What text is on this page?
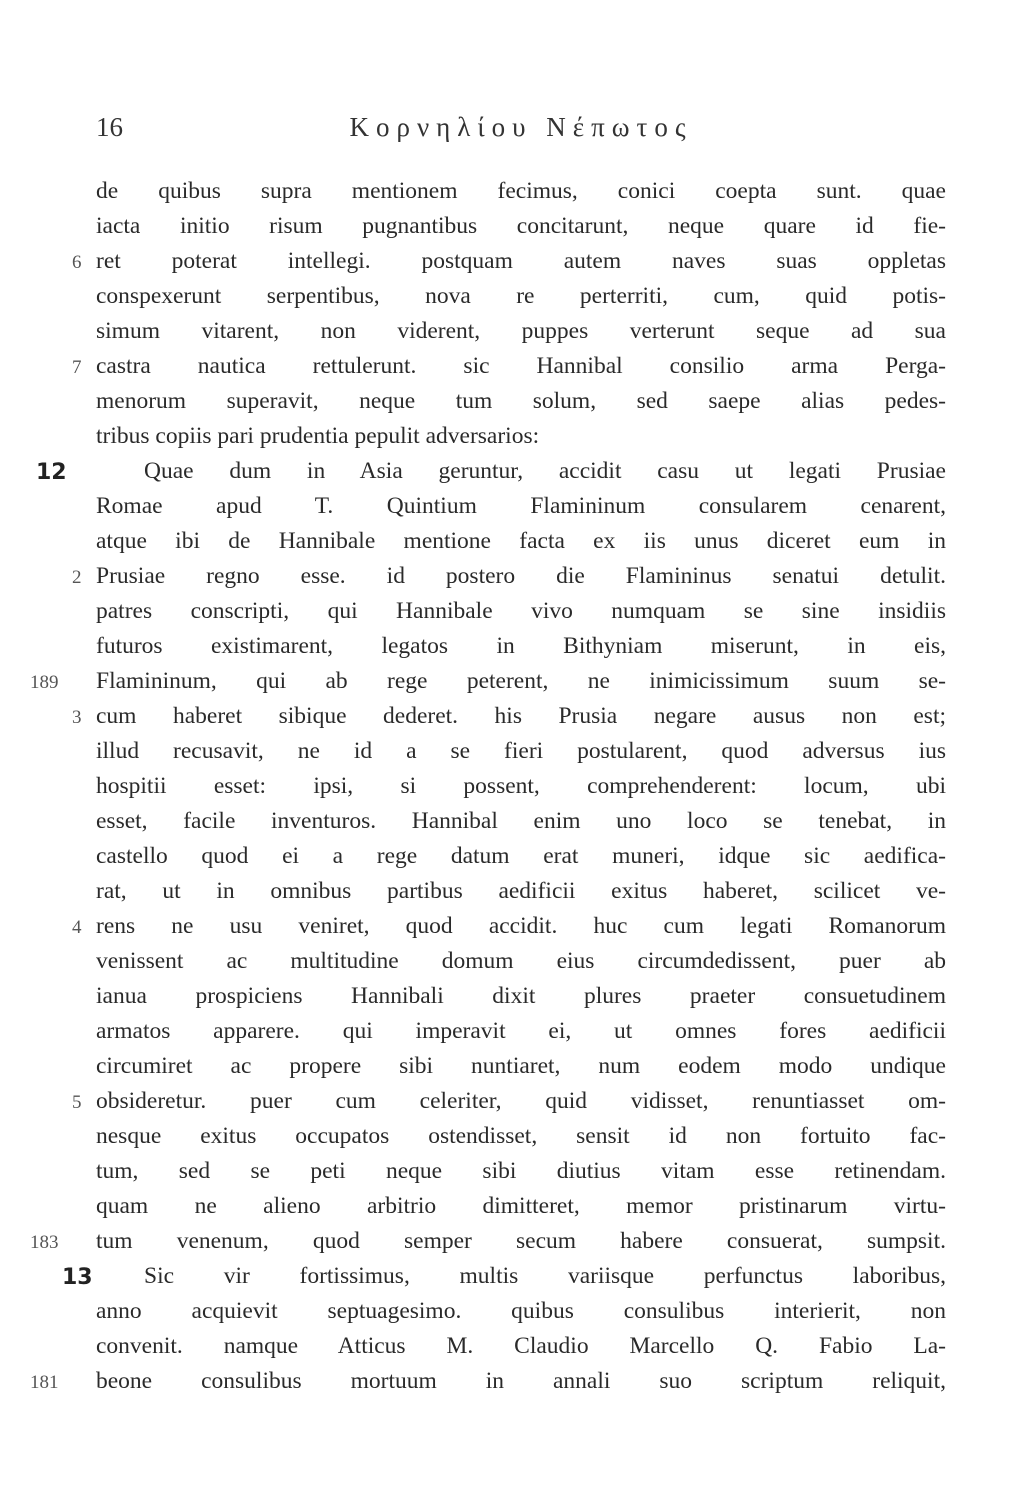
16	Κορνηλίου Νέπωτος
de quibus supra mentionem fecimus, conici coepta sunt. quae
iacta initio risum pugnantibus concitarunt, neque quare id fie-
ret poterat intellegi. postquam autem naves suas oppletas
conspexerunt serpentibus, nova re perterriti, cum, quid potis-
simum vitarent, non viderent, puppes verterunt seque ad sua
castra nautica rettulerunt. sic Hannibal consilio arma Perga-
menorum superavit, neque tum solum, sed saepe alias pedes-
tribus copiis pari prudentia pepulit adversarios:
Quae dum in Asia geruntur, accidit casu ut legati Prusiae
Romae apud T. Quintium Flamininum consularem cenarent,
atque ibi de Hannibale mentione facta ex iis unus diceret eum in
Prusiae regno esse. id postero die Flamininus senatui detulit.
patres conscripti, qui Hannibale vivo numquam se sine insidiis
futuros existimarent, legatos in Bithyniam miserunt, in eis,
Flamininum, qui ab rege peterent, ne inimicissimum suum se-
cum haberet sibique dederet. his Prusia negare ausus non est;
illud recusavit, ne id a se fieri postularent, quod adversus ius
hospitii esset: ipsi, si possent, comprehenderent: locum, ubi
esset, facile inventuros. Hannibal enim uno loco se tenebat, in
castello quod ei a rege datum erat muneri, idque sic aedifica-
rat, ut in omnibus partibus aedificii exitus haberet, scilicet ve-
rens ne usu veniret, quod accidit. huc cum legati Romanorum
venissent ac multitudine domum eius circumdedissent, puer ab
ianua prospiciens Hannibali dixit plures praeter consuetudinem
armatos apparere. qui imperavit ei, ut omnes fores aedificii
circumiret ac propere sibi nuntiaret, num eodem modo undique
obsideretur. puer cum celeriter, quid vidisset, renuntiasset om-
nesque exitus occupatos ostendisset, sensit id non fortuito fac-
tum, sed se peti neque sibi diutius vitam esse retinendam.
quam ne alieno arbitrio dimitteret, memor pristinarum virtu-
tum venenum, quod semper secum habere consuerat, sumpsit.
Sic vir fortissimus, multis variisque perfunctus laboribus,
anno acquievit septuagesimo. quibus consulibus interierit, non
convenit. namque Atticus M. Claudio Marcello Q. Fabio La-
beone consulibus mortuum in annali suo scriptum reliquit,
6
7
12
2
189
3
4
5
183
13
181
